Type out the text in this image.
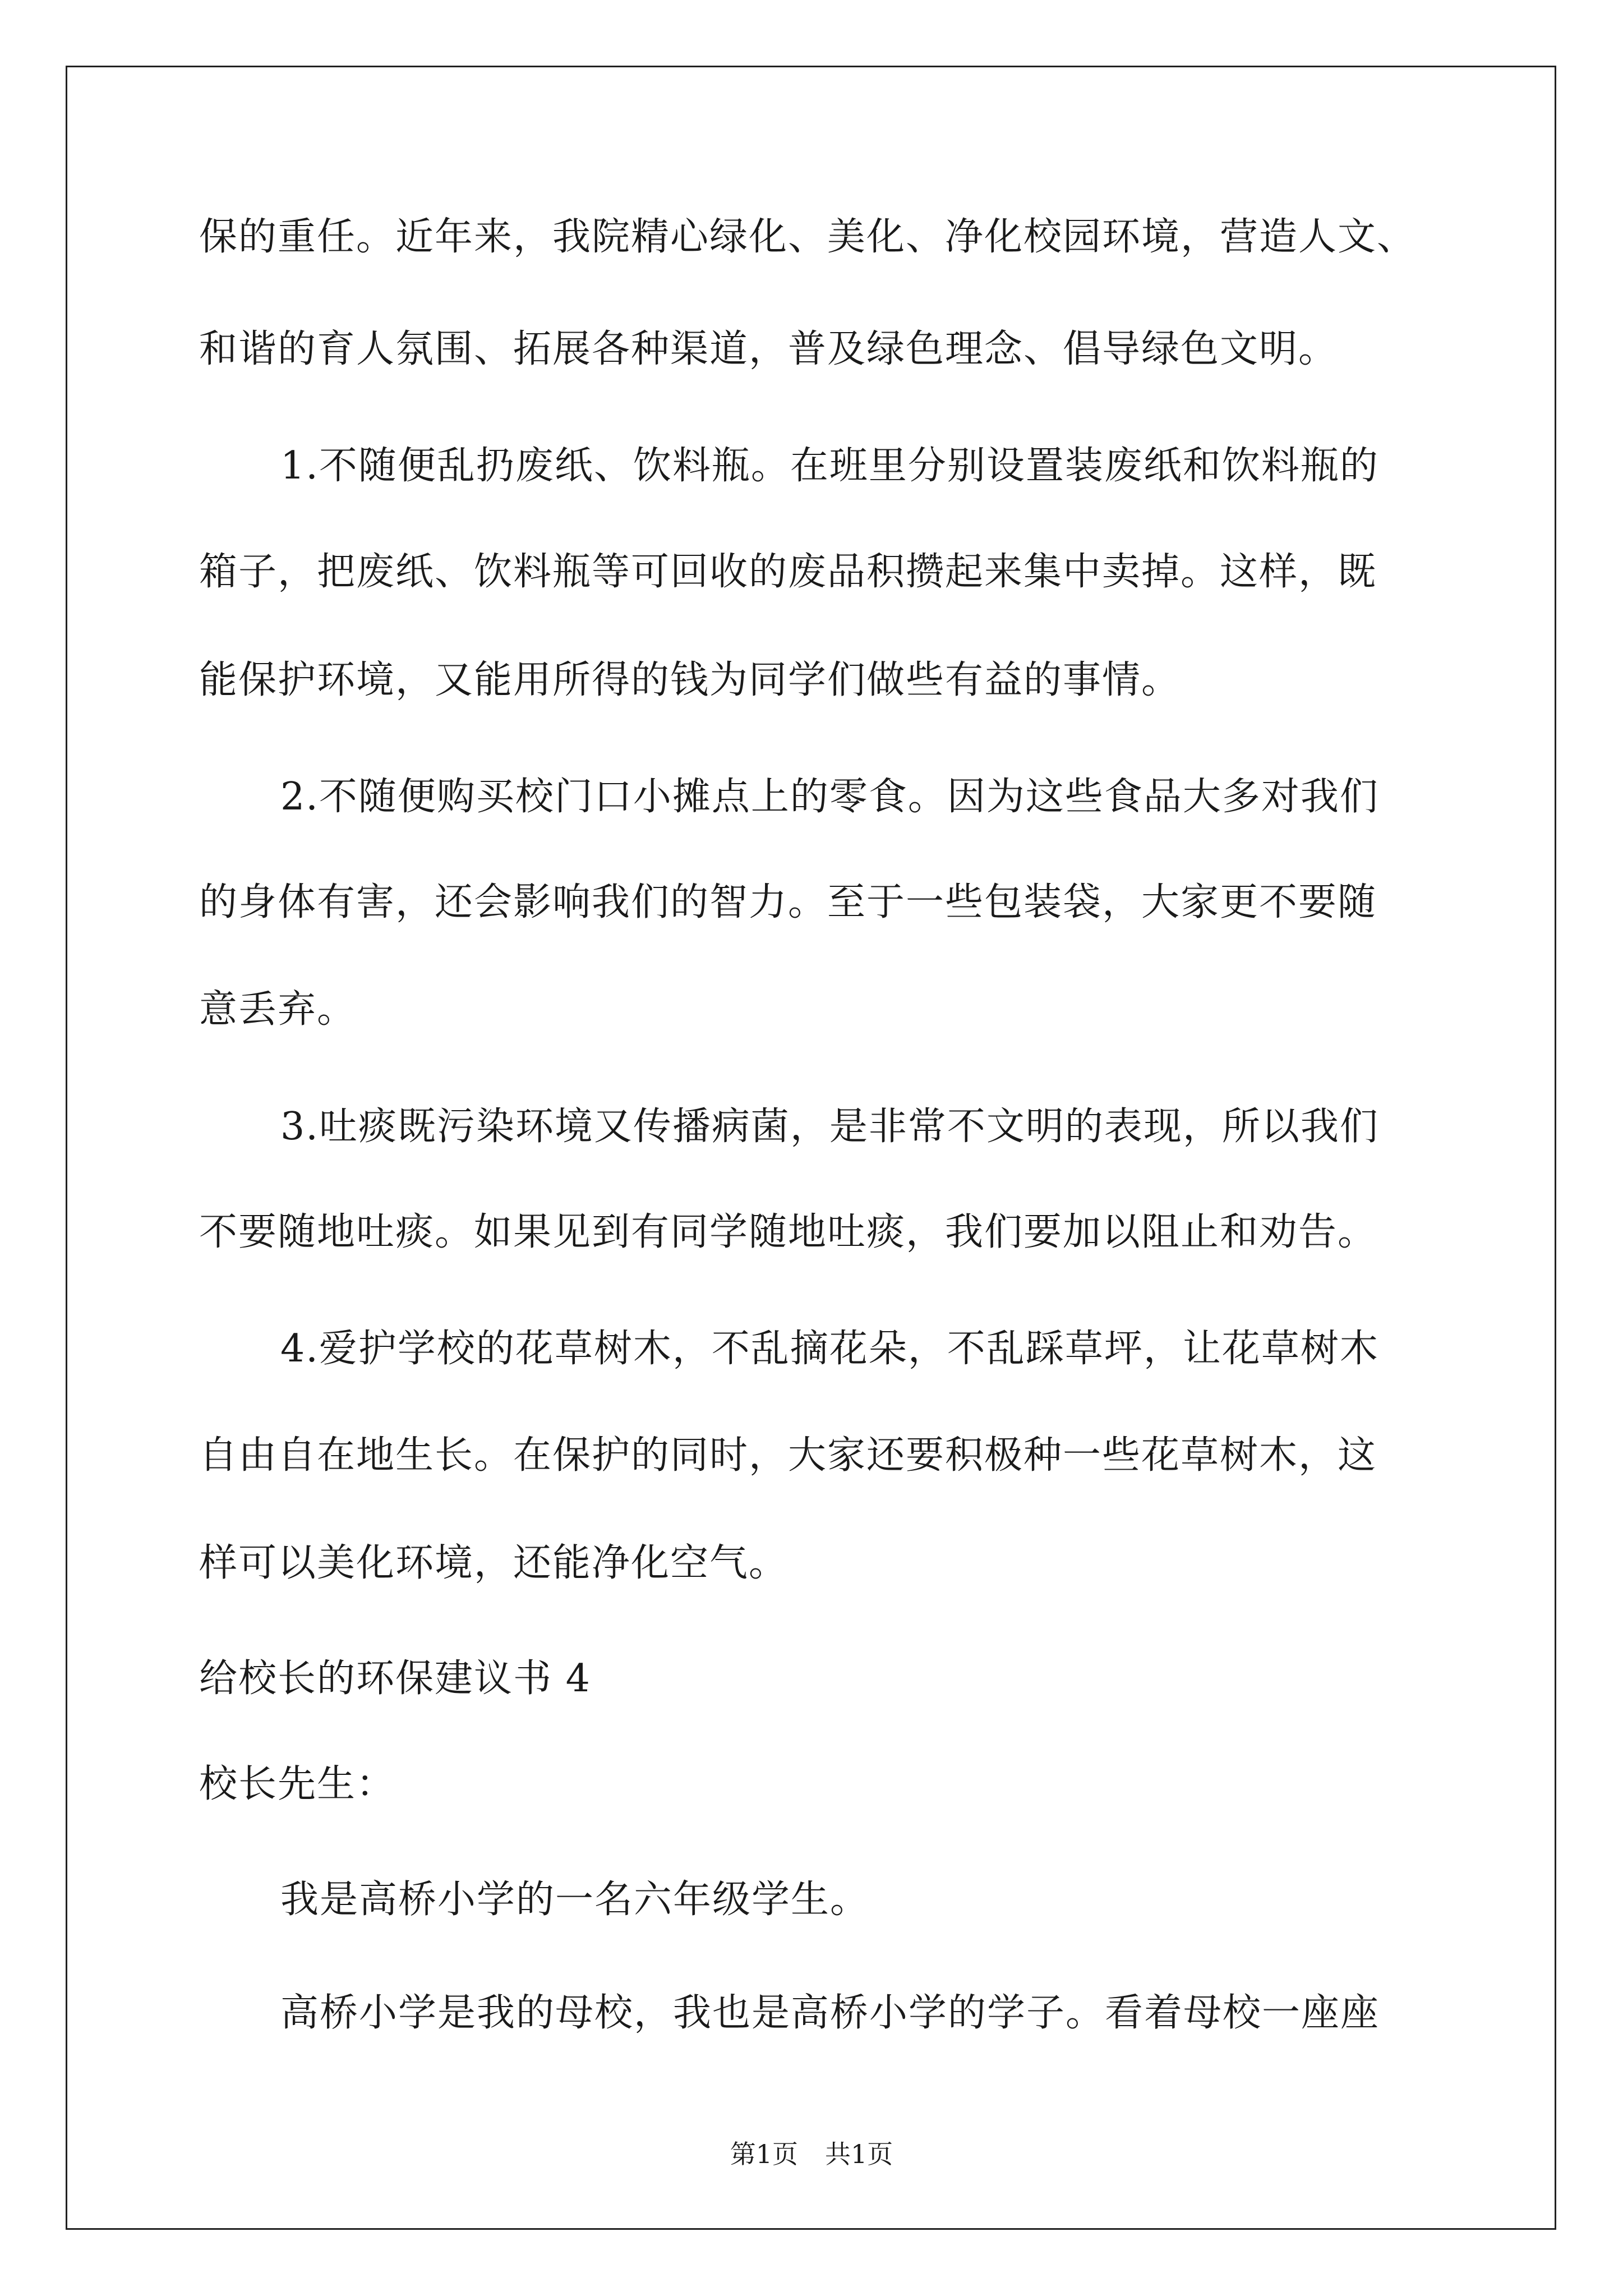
保的重任。近年来，我院精心绿化、美化、净化校园环境，营造人文、

和谐的育人氛围、拓展各种渠道，普及绿色理念、倡导绿色文明。

1.不随便乱扔废纸、饮料瓶。在班里分别设置装废纸和饮料瓶的

箱子，把废纸、饮料瓶等可回收的废品积攒起来集中卖掉。这样，既

能保护环境，又能用所得的钱为同学们做些有益的事情。

2.不随便购买校门口小摊点上的零食。因为这些食品大多对我们

的身体有害，还会影响我们的智力。至于一些包装袋，大家更不要随

意丢弃。

3.吐痰既污染环境又传播病菌，是非常不文明的表现，所以我们

不要随地吐痰。如果见到有同学随地吐痰，我们要加以阻止和劝告。

4.爱护学校的花草树木，不乱摘花朵，不乱踩草坪，让花草树木

自由自在地生长。在保护的同时，大家还要积极种一些花草树木，这

样可以美化环境，还能净化空气。

给校长的环保建议书 4

校长先生：

我是高桥小学的一名六年级学生。

高桥小学是我的母校，我也是高桥小学的学子。看着母校一座座

第1页 共1页
